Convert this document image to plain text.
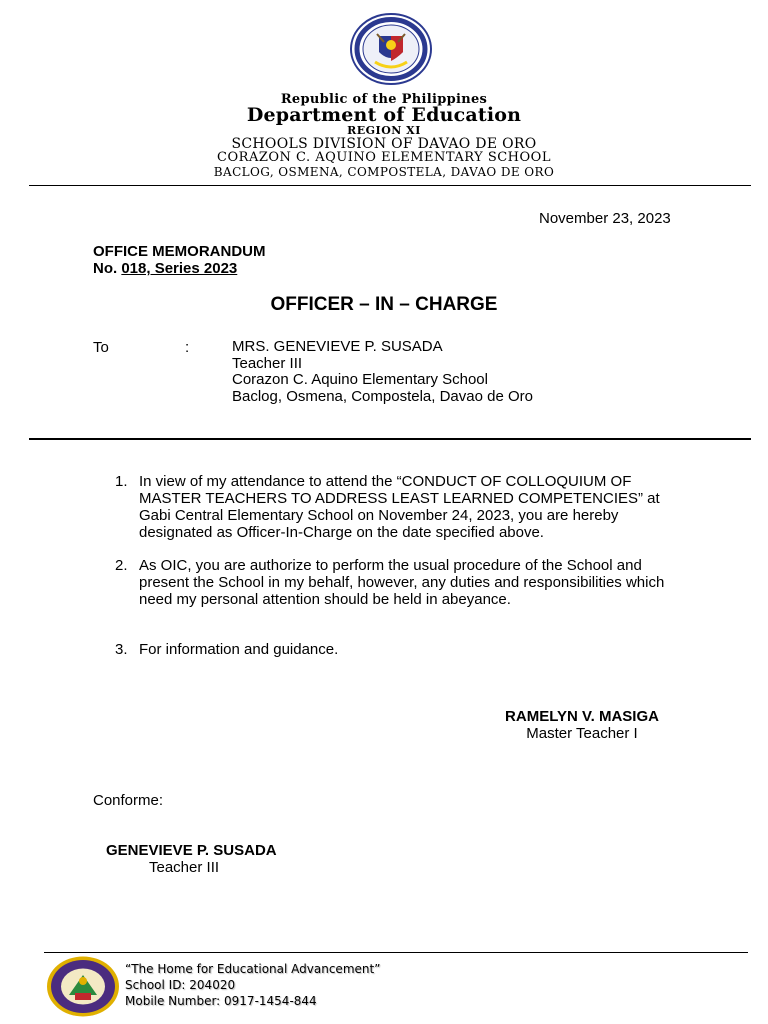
Republic of the Philippines
Department of Education
REGION XI
SCHOOLS DIVISION OF DAVAO DE ORO
CORAZON C. AQUINO ELEMENTARY SCHOOL
BACLOG, OSMENA, COMPOSTELA, DAVAO DE ORO
November 23, 2023
OFFICE MEMORANDUM
No. 018, Series 2023
OFFICER – IN – CHARGE
To	:	MRS. GENEVIEVE P. SUSADA
Teacher III
Corazon C. Aquino Elementary School
Baclog, Osmena, Compostela, Davao de Oro
1. In view of my attendance to attend the “CONDUCT OF COLLOQUIUM OF MASTER TEACHERS TO ADDRESS LEAST LEARNED COMPETENCIES” at Gabi Central Elementary School on November 24, 2023, you are hereby designated as Officer-In-Charge on the date specified above.
2. As OIC, you are authorize to perform the usual procedure of the School and present the School in my behalf, however, any duties and responsibilities which need my personal attention should be held in abeyance.
3. For information and guidance.
RAMELYN V. MASIGA
Master Teacher I
Conforme:
GENEVIEVE P. SUSADA
Teacher III
“The Home for Educational Advancement”
School ID: 204020
Mobile Number: 0917-1454-844
